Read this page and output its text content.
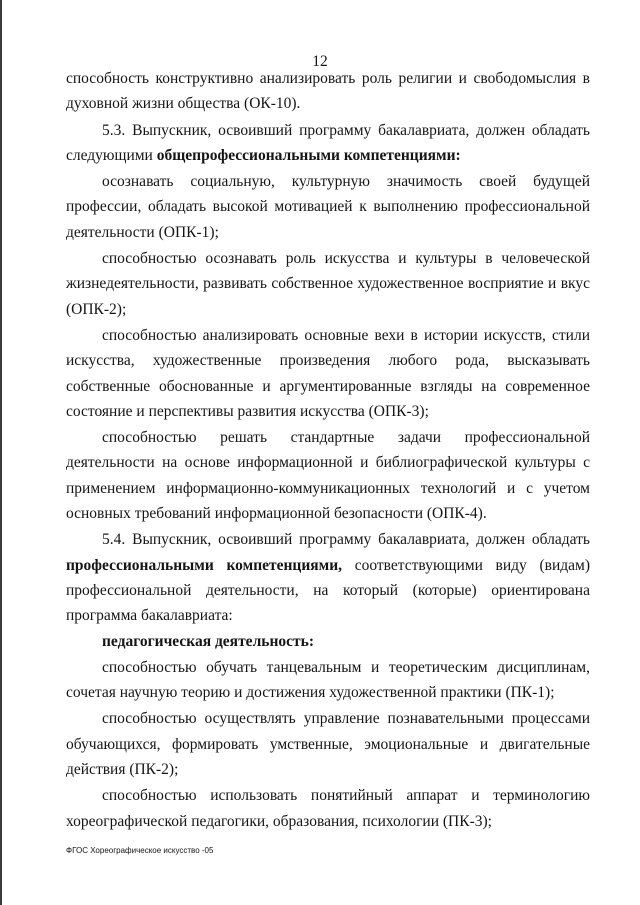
12

способность конструктивно анализировать роль религии и свободомыслия в духовной жизни общества (ОК-10).

5.3. Выпускник, освоивший программу бакалавриата, должен обладать следующими общепрофессиональными компетенциями:

осознавать социальную, культурную значимость своей будущей профессии, обладать высокой мотивацией к выполнению профессиональной деятельности (ОПК-1);

способностью осознавать роль искусства и культуры в человеческой жизнедеятельности, развивать собственное художественное восприятие и вкус (ОПК-2);

способностью анализировать основные вехи в истории искусств, стили искусства, художественные произведения любого рода, высказывать собственные обоснованные и аргументированные взгляды на современное состояние и перспективы развития искусства (ОПК-3);

способностью решать стандартные задачи профессиональной деятельности на основе информационной и библиографической культуры с применением информационно-коммуникационных технологий и с учетом основных требований информационной безопасности (ОПК-4).

5.4. Выпускник, освоивший программу бакалавриата, должен обладать профессиональными компетенциями, соответствующими виду (видам) профессиональной деятельности, на который (которые) ориентирована программа бакалавриата:

педагогическая деятельность:

способностью обучать танцевальным и теоретическим дисциплинам, сочетая научную теорию и достижения художественной практики (ПК-1);

способностью осуществлять управление познавательными процессами обучающихся, формировать умственные, эмоциональные и двигательные действия (ПК-2);

способностью использовать понятийный аппарат и терминологию хореографической педагогики, образования, психологии (ПК-3);

ФГОС Хореографическое искусство -05
